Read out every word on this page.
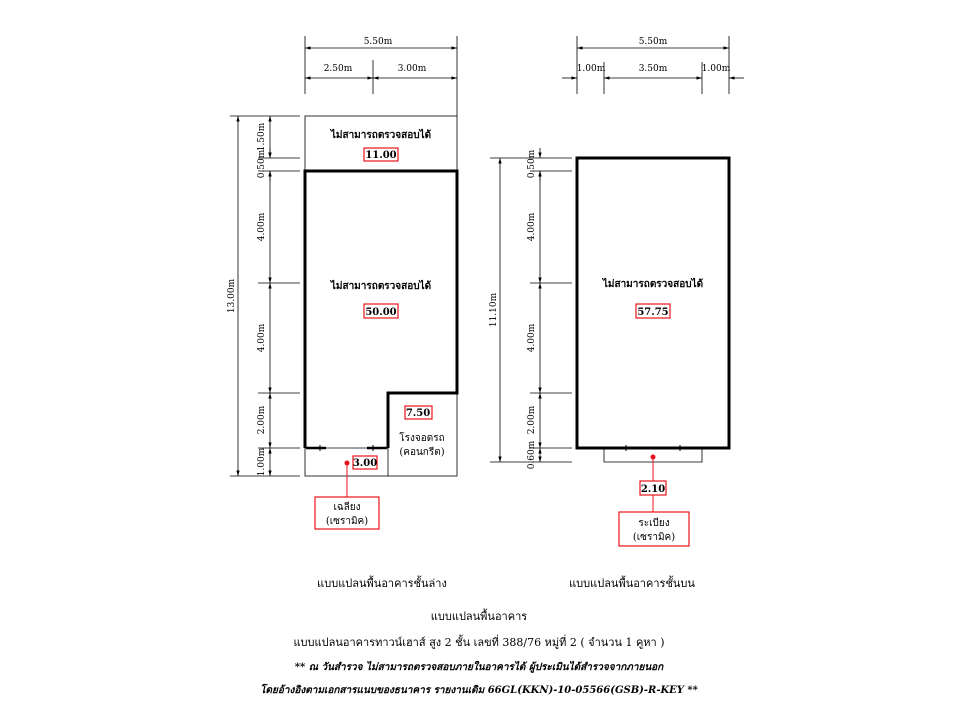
5.50m
2.50m	3.00m
13.00m
1.50m
0.50m
4.00m
4.00m
2.00m
1.00m
ไม่สามารถตรวจสอบได้
11.00
ไม่สามารถตรวจสอบได้
50.00
7.50
โรงจอดรถ
(คอนกรีต)
3.00
เฉลียง
(เซรามิค)
แบบแปลนพื้นอาคารชั้นล่าง
5.50m
1.00m	3.50m	1.00m
11.10m
0.50m
4.00m
4.00m
2.00m
0.60m
ไม่สามารถตรวจสอบได้
57.75
2.10
ระเบียง
(เซรามิค)
แบบแปลนพื้นอาคารชั้นบน
แบบแปลนพื้นอาคาร
แบบแปลนอาคารทาวน์เฮาส์ สูง 2 ชั้น เลขที่ 388/76 หมู่ที่ 2 ( จำนวน 1 คูหา )
** ณ วันสำรวจ ไม่สามารถตรวจสอบภายในอาคารได้ ผู้ประเมินได้สำรวจจากภายนอก
โดยอ้างอิงตามเอกสารแนบของธนาคาร รายงานเดิม 66GL(KKN)-10-05566(GSB)-R-KEY **
